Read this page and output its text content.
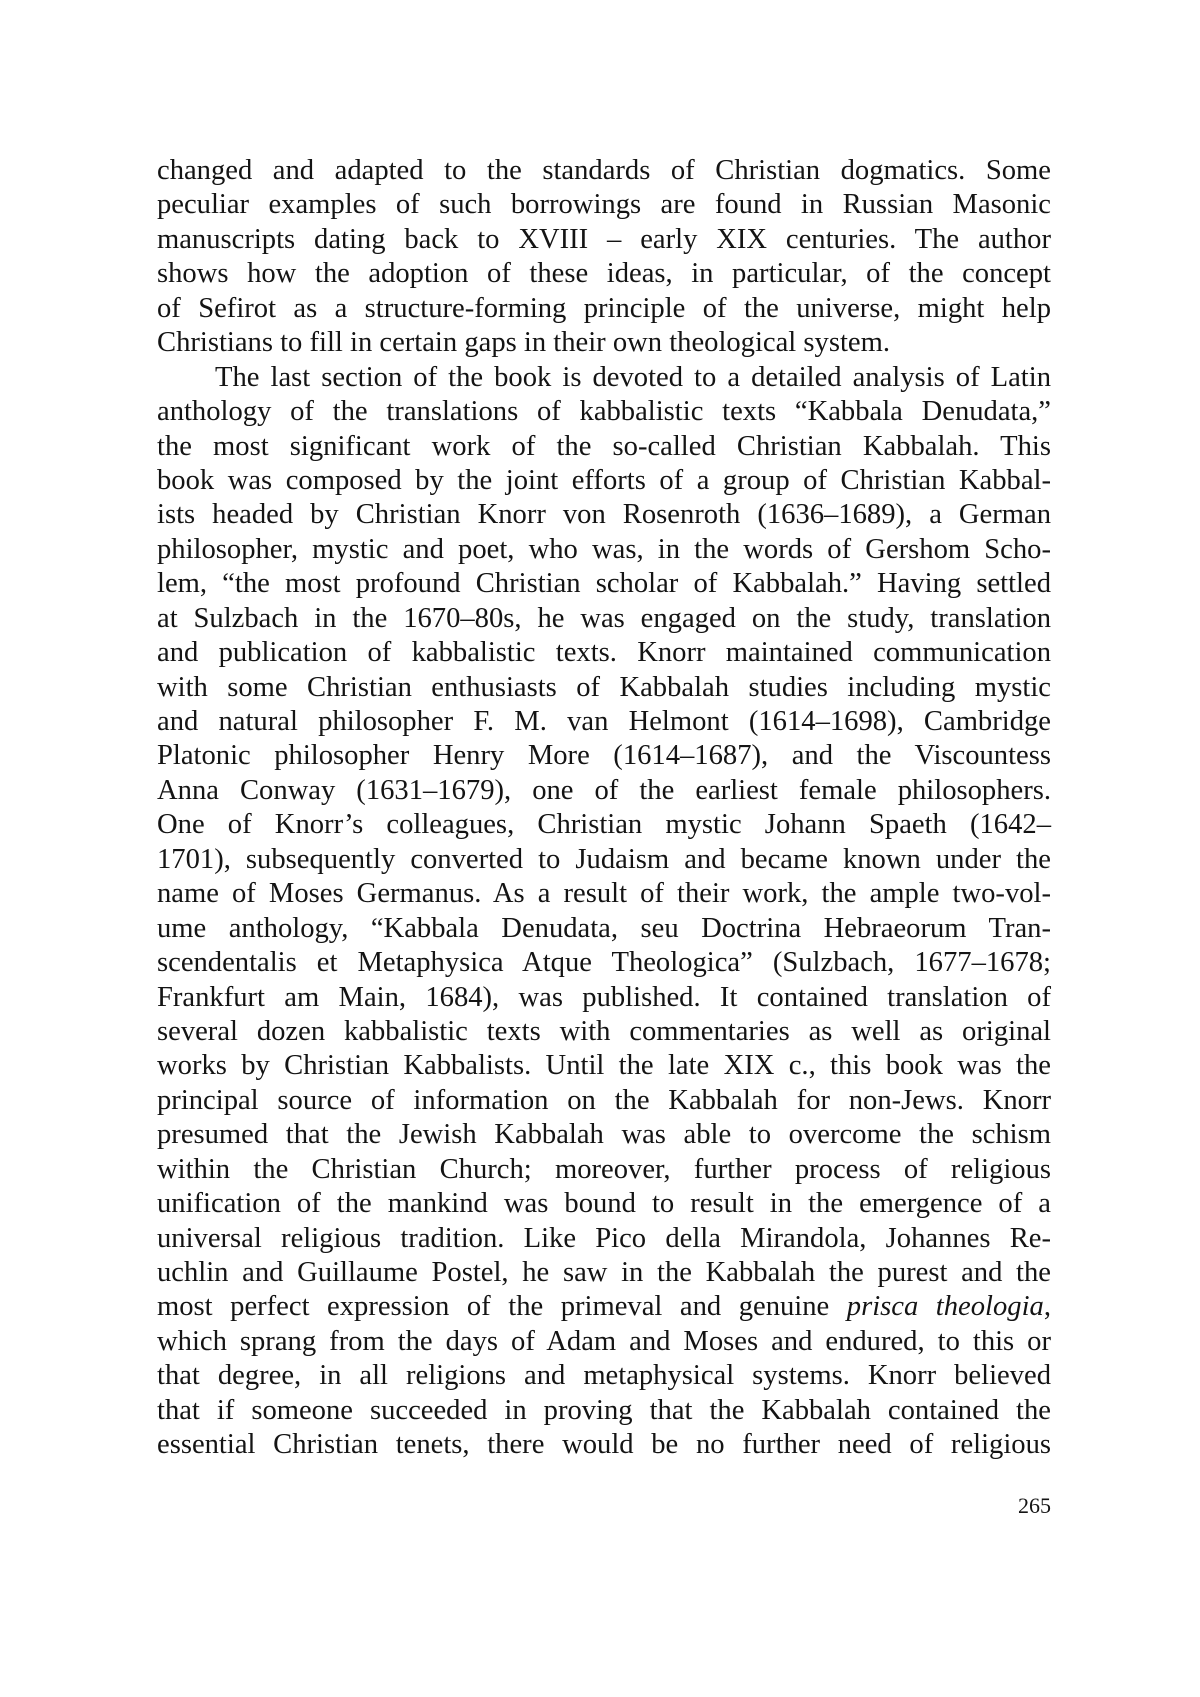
changed and adapted to the standards of Christian dogmatics. Some
peculiar examples of such borrowings are found in Russian Masonic
manuscripts dating back to XVIII – early XIX centuries. The author
shows how the adoption of these ideas, in particular, of the concept
of Sefirot as a structure-forming principle of the universe, might help
Christians to fill in certain gaps in their own theological system.
The last section of the book is devoted to a detailed analysis of Latin
anthology of the translations of kabbalistic texts “Kabbala Denudata,”
the most significant work of the so-called Christian Kabbalah. This
book was composed by the joint efforts of a group of Christian Kabbal-
ists headed by Christian Knorr von Rosenroth (1636–1689), a German
philosopher, mystic and poet, who was, in the words of Gershom Scho-
lem, “the most profound Christian scholar of Kabbalah.” Having settled
at Sulzbach in the 1670–80s, he was engaged on the study, translation
and publication of kabbalistic texts. Knorr maintained communication
with some Christian enthusiasts of Kabbalah studies including mystic
and natural philosopher F. M. van Helmont (1614–1698), Cambridge
Platonic philosopher Henry More (1614–1687), and the Viscountess
Anna Conway (1631–1679), one of the earliest female philosophers.
One of Knorr’s colleagues, Christian mystic Johann Spaeth (1642–
1701), subsequently converted to Judaism and became known under the
name of Moses Germanus. As a result of their work, the ample two-vol-
ume anthology, “Kabbala Denudata, seu Doctrina Hebraeorum Tran-
scendentalis et Metaphysica Atque Theologica” (Sulzbach, 1677–1678;
Frankfurt am Main, 1684), was published. It contained translation of
several dozen kabbalistic texts with commentaries as well as original
works by Christian Kabbalists. Until the late XIX c., this book was the
principal source of information on the Kabbalah for non-Jews. Knorr
presumed that the Jewish Kabbalah was able to overcome the schism
within the Christian Church; moreover, further process of religious
unification of the mankind was bound to result in the emergence of a
universal religious tradition. Like Pico della Mirandola, Johannes Re-
uchlin and Guillaume Postel, he saw in the Kabbalah the purest and the
most perfect expression of the primeval and genuine prisca theologia,
which sprang from the days of Adam and Moses and endured, to this or
that degree, in all religions and metaphysical systems. Knorr believed
that if someone succeeded in proving that the Kabbalah contained the
essential Christian tenets, there would be no further need of religious
265
